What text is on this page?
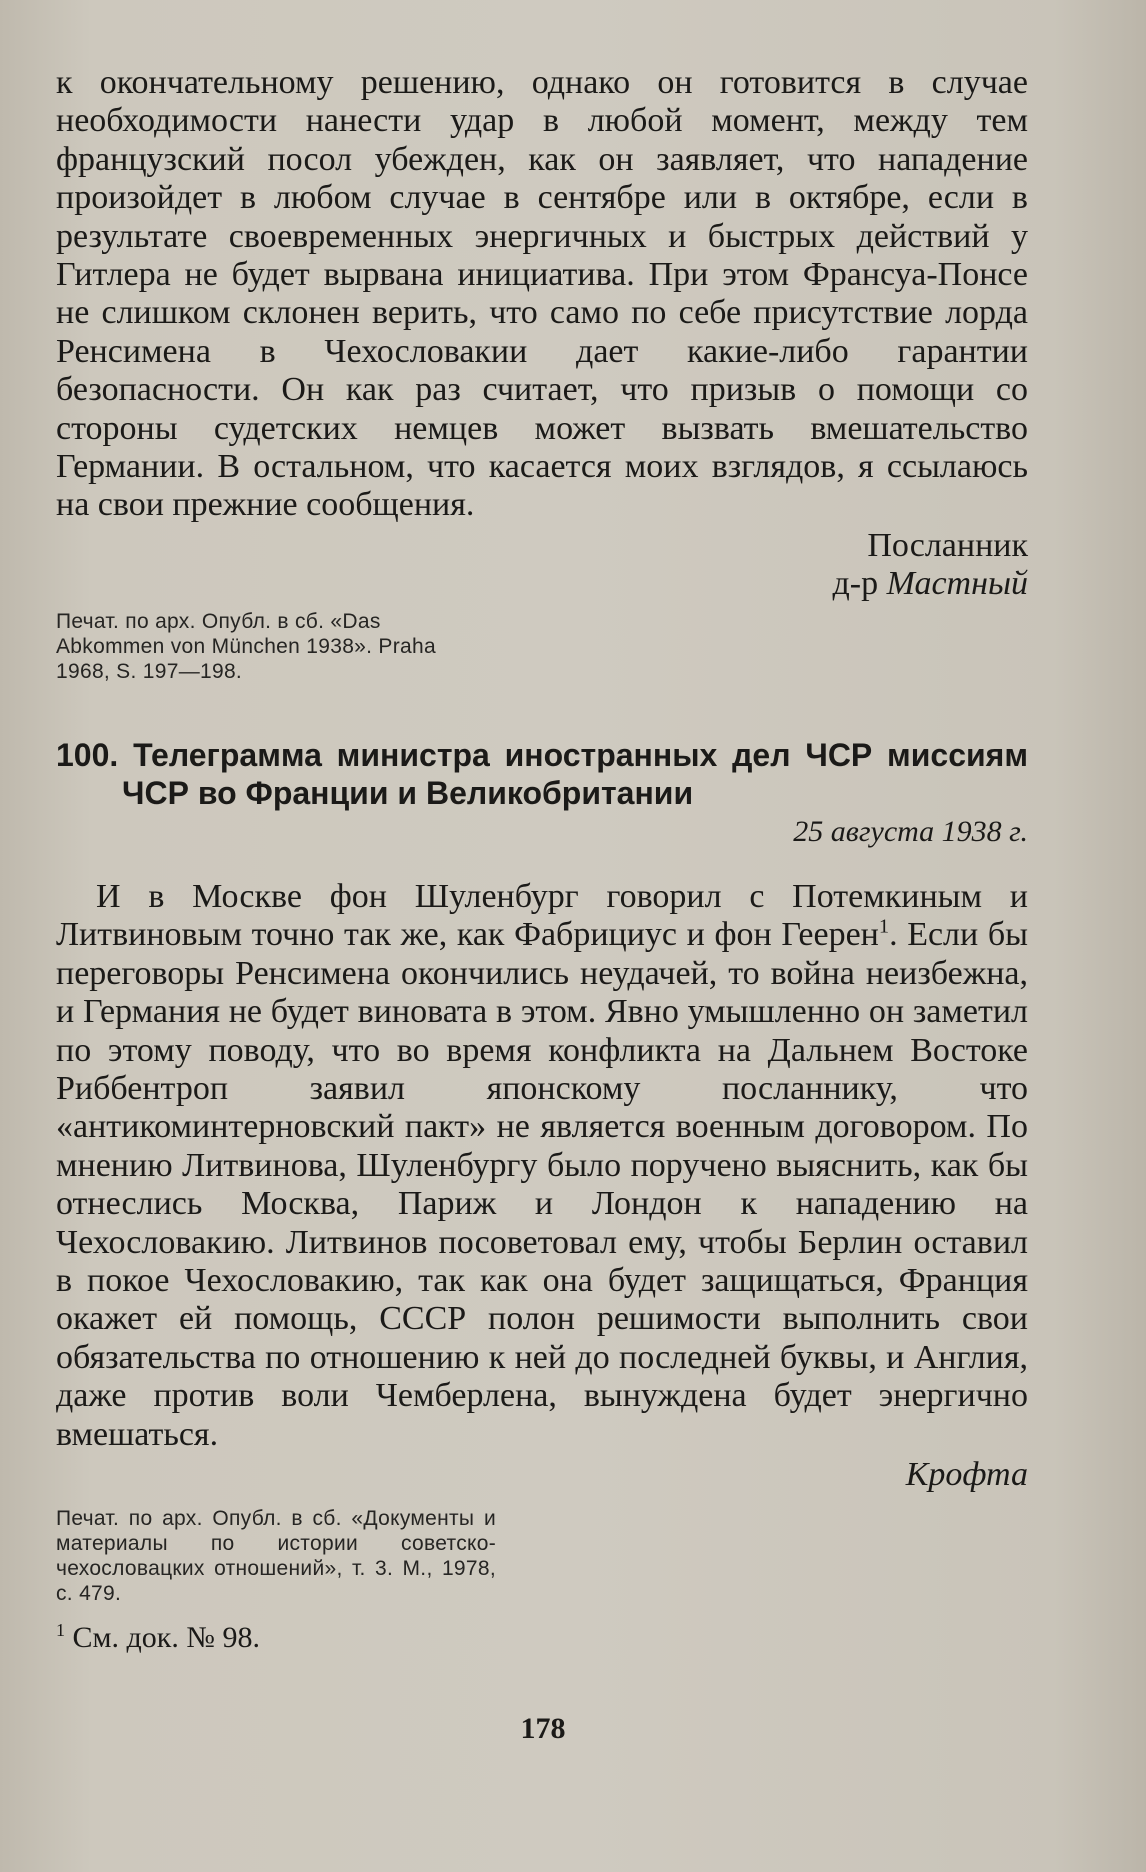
к окончательному решению, однако он готовится в случае необходимости нанести удар в любой момент, между тем французский посол убежден, как он заявляет, что нападение произойдет в любом случае в сентябре или в октябре, если в результате своевременных энергичных и быстрых действий у Гитлера не будет вырвана инициатива. При этом Франсуа-Понсе не слишком склонен верить, что само по себе присутствие лорда Ренсимена в Чехословакии дает какие-либо гарантии безопасности. Он как раз считает, что призыв о помощи со стороны судетских немцев может вызвать вмешательство Германии. В остальном, что касается моих взглядов, я ссылаюсь на свои прежние сообщения.

Посланник
д-р Мастный
Печат. по арх. Опубл. в сб. «Das Abkommen von München 1938». Praha 1968, S. 197—198.
100. Телеграмма министра иностранных дел ЧСР миссиям ЧСР во Франции и Великобритании
25 августа 1938 г.

И в Москве фон Шуленбург говорил с Потемкиным и Литвиновым точно так же, как Фабрициус и фон Геерен$^1$. Если бы переговоры Ренсимена окончились неудачей, то война неизбежна, и Германия не будет виновата в этом. Явно умышленно он заметил по этому поводу, что во время конфликта на Дальнем Востоке Риббентроп заявил японскому посланнику, что «антикоминтерновский пакт» не является военным договором. По мнению Литвинова, Шуленбургу было поручено выяснить, как бы отнеслись Москва, Париж и Лондон к нападению на Чехословакию. Литвинов посоветовал ему, чтобы Берлин оставил в покое Чехословакию, так как она будет защищаться, Франция окажет ей помощь, СССР полон решимости выполнить свои обязательства по отношению к ней до последней буквы, и Англия, даже против воли Чемберлена, вынуждена будет энергично вмешаться.

Крофта
Печат. по арх. Опубл. в сб. «Документы и материалы по истории советско-чехословацких отношений», т. 3. М., 1978, с. 479.
$^1$ См. док. № 98.
178
